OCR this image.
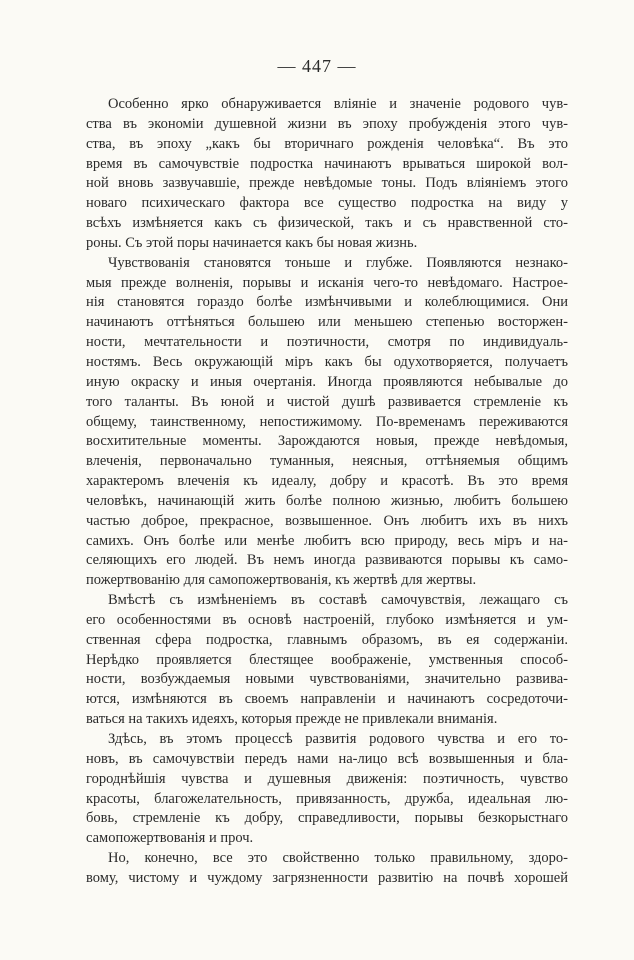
— 447 —
Особенно ярко обнаруживается вліяніе и значеніе родового чув-
ства въ экономіи душевной жизни въ эпоху пробужденія этого чув-
ства, въ эпоху „какъ бы вторичнаго рожденія человѣка“. Въ это
время въ самочувствіе подростка начинаютъ врываться широкой вол-
ной вновь зазвучавшіе, прежде невѣдомые тоны. Подъ вліяніемъ этого
новаго психическаго фактора все существо подростка на виду у
всѣхъ измѣняется какъ съ физической, такъ и съ нравственной сто-
роны. Съ этой поры начинается какъ бы новая жизнь.
Чувствованія становятся тоньше и глубже. Появляются незнако-
мыя прежде волненія, порывы и исканія чего-то невѣдомаго. Настрое-
нія становятся гораздо болѣе измѣнчивыми и колеблющимися. Они
начинаютъ оттѣняться большею или меньшею степенью восторжен-
ности, мечтательности и поэтичности, смотря по индивидуаль-
ностямъ. Весь окружающій міръ какъ бы одухотворяется, получаетъ
иную окраску и иныя очертанія. Иногда проявляются небывалые до
того таланты. Въ юной и чистой душѣ развивается стремленіе къ
общему, таинственному, непостижимому. По-временамъ переживаются
восхитительные моменты. Зарождаются новыя, прежде невѣдомыя,
влеченія, первоначально туманныя, неясныя, оттѣняемыя общимъ
характеромъ влеченія къ идеалу, добру и красотѣ. Въ это время
человѣкъ, начинающій жить болѣе полною жизнью, любитъ большею
частью доброе, прекрасное, возвышенное. Онъ любитъ ихъ въ нихъ
самихъ. Онъ болѣе или менѣе любитъ всю природу, весь міръ и на-
селяющихъ его людей. Въ немъ иногда развиваются порывы къ само-
пожертвованію для самопожертвованія, къ жертвѣ для жертвы.
Вмѣстѣ съ измѣненіемъ въ составѣ самочувствія, лежащаго съ
его особенностями въ основѣ настроеній, глубоко измѣняется и ум-
ственная сфера подростка, главнымъ образомъ, въ ея содержаніи.
Нерѣдко проявляется блестящее воображеніе, умственныя способ-
ности, возбуждаемыя новыми чувствованіями, значительно развива-
ются, измѣняются въ своемъ направленіи и начинаютъ сосредоточи-
ваться на такихъ идеяхъ, которыя прежде не привлекали вниманія.
Здѣсь, въ этомъ процессѣ развитія родового чувства и его то-
новъ, въ самочувствіи передъ нами на-лицо всѣ возвышенныя и бла-
городнѣйшія чувства и душевныя движенія: поэтичность, чувство
красоты, благожелательность, привязанность, дружба, идеальная лю-
бовь, стремленіе къ добру, справедливости, порывы безкорыстнаго
самопожертвованія и проч.
Но, конечно, все это свойственно только правильному, здоро-
вому, чистому и чуждому загрязненности развитію на почвѣ хорошей
